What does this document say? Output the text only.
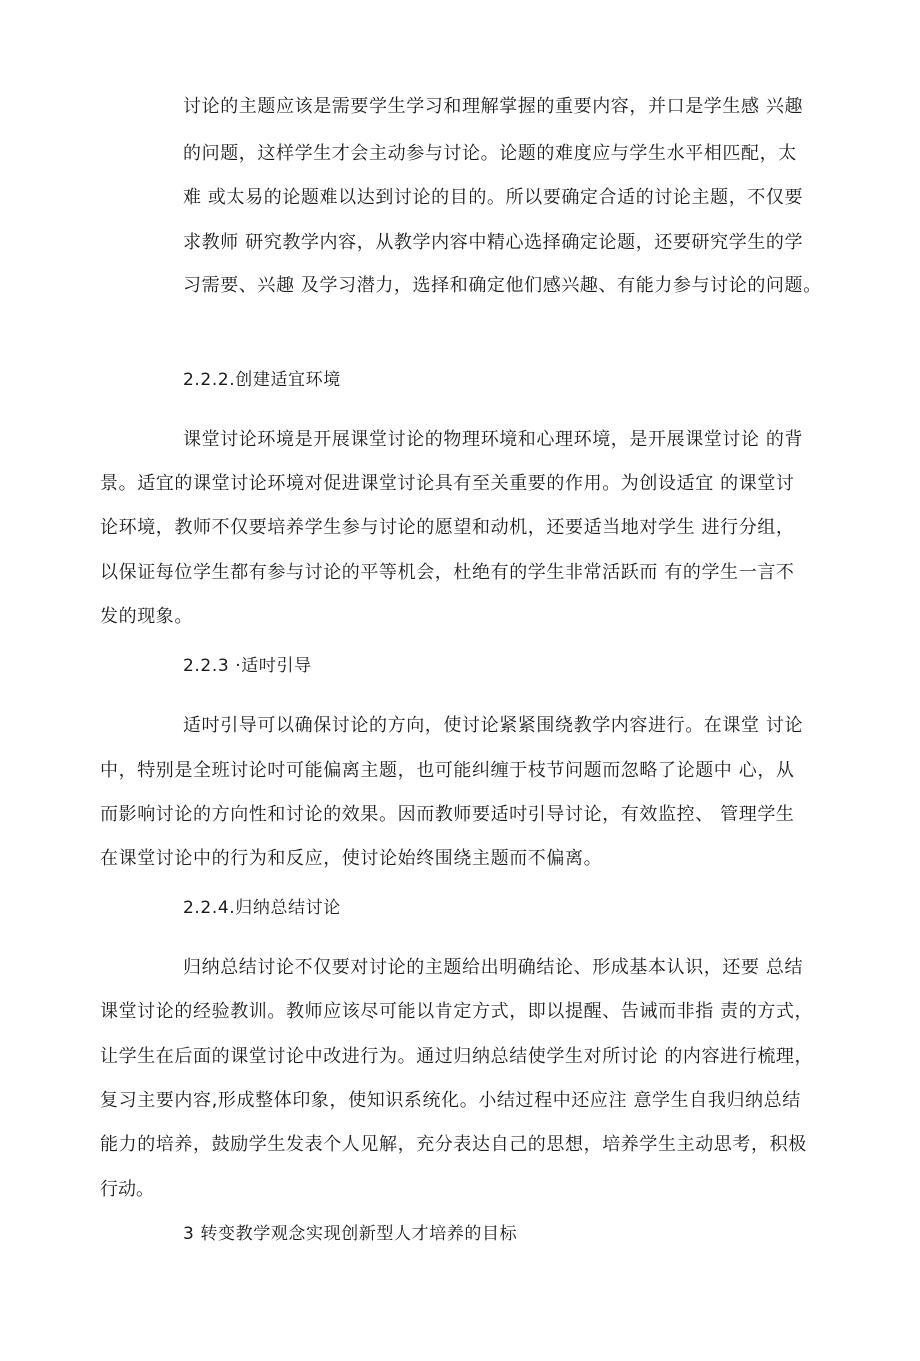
讨论的主题应该是需要学生学习和理解掌握的重要内容，并口是学生感 兴趣
的问题，这样学生才会主动参与讨论。论题的难度应与学生水平相匹配，太
难 或太易的论题难以达到讨论的目的。所以要确定合适的讨论主题，不仅要
求教师 研究教学内容，从教学内容中精心选择确定论题，还要研究学生的学
习需要、兴趣 及学习潜力，选择和确定他们感兴趣、有能力参与讨论的问题。
2.2.2.创建适宜环境
课堂讨论环境是开展课堂讨论的物理环境和心理环境，是开展课堂讨论 的背
景。适宜的课堂讨论环境对促进课堂讨论具有至关重要的作用。为创设适宜 的课堂讨
论环境，教师不仅要培养学生参与讨论的愿望和动机，还要适当地对学生 进行分组，
以保证每位学生都有参与讨论的平等机会，杜绝有的学生非常活跃而 有的学生一言不
发的现象。
2.2.3 ·适吋引导
适吋引导可以确保讨论的方向，使讨论紧紧围绕教学内容进行。在课堂 讨论
中，特别是全班讨论吋可能偏离主题，也可能纠缠于枝节问题而忽略了论题中 心，从
而影响讨论的方向性和讨论的效果。因而教师要适吋引导讨论，有效监控、 管理学生
在课堂讨论中的行为和反应，使讨论始终围绕主题而不偏离。
2.2.4.归纳总结讨论
归纳总结讨论不仅要对讨论的主题给出明确结论、形成基本认识，还要 总结
课堂讨论的经验教训。教师应该尽可能以肯定方式，即以提醒、告诫而非指 责的方式，
让学生在后面的课堂讨论中改进行为。通过归纳总结使学生对所讨论 的内容进行梳理，
复习主要内容,形成整体印象，使知识系统化。小结过程中还应注 意学生自我归纳总结
能力的培养，鼓励学生发表个人见解，充分表达自己的思想，培养学生主动思考，积极
行动。
3 转变教学观念实现创新型人才培养的目标
